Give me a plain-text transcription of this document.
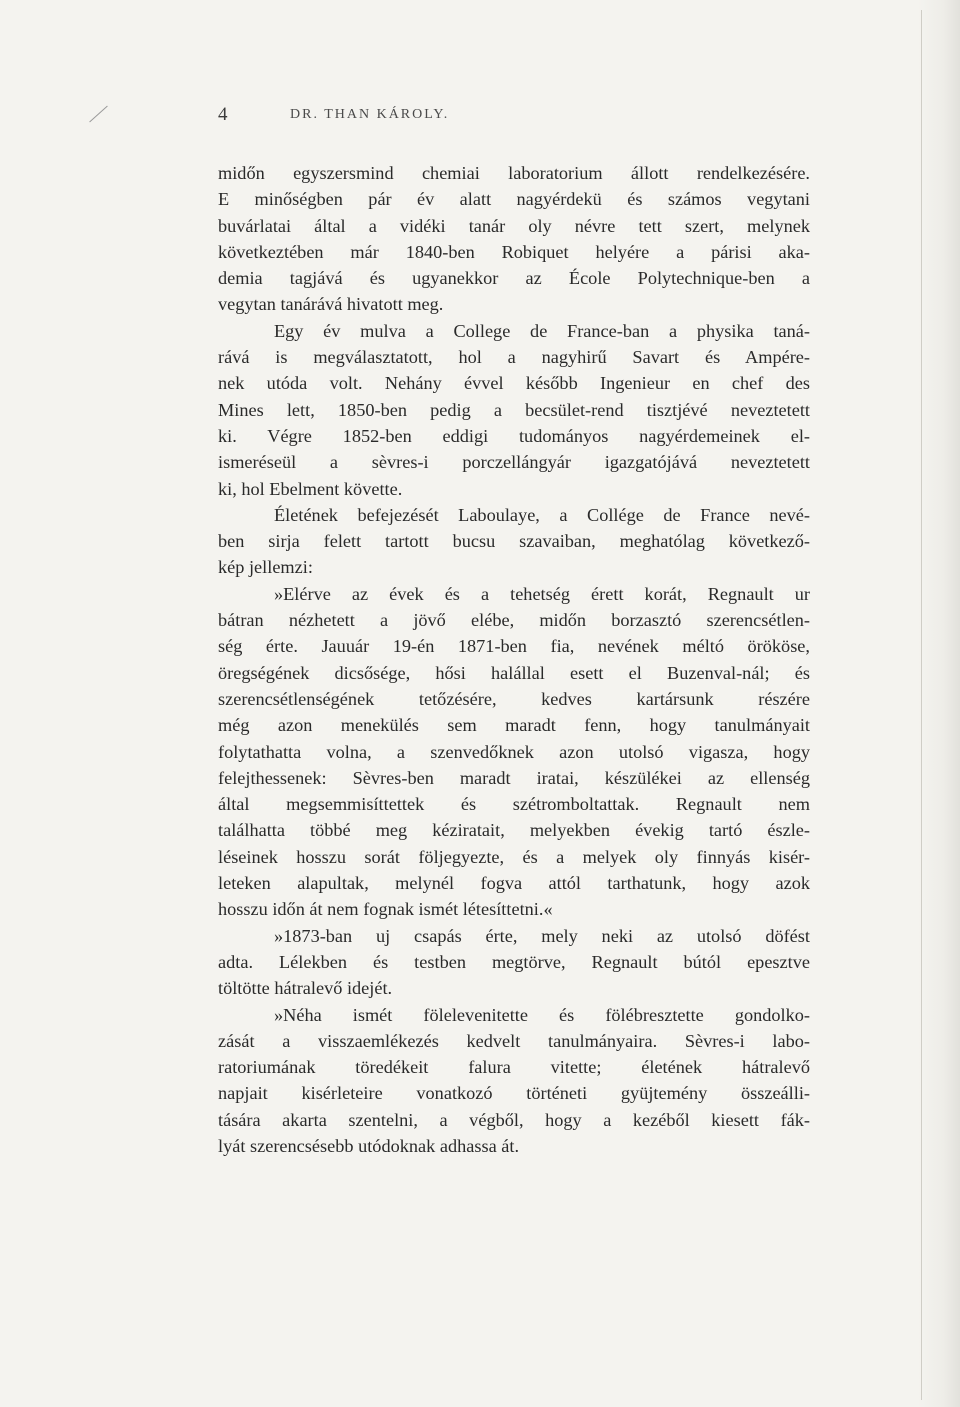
4	DR. THAN KÁROLY.
midőn egyszersmind chemiai laboratorium állott rendelkezésére.
E minőségben pár év alatt nagyérdekü és számos vegytani
buvárlatai által a vidéki tanár oly névre tett szert, melynek
következtében már 1840-ben Robiquet helyére a párisi aka-
demia tagjává és ugyanekkor az École Polytechnique-ben a
vegytan tanárává hivatott meg.
Egy év mulva a College de France-ban a physika taná-
rává is megválasztatott, hol a nagyhirű Savart és Ampére-
nek utóda volt. Nehány évvel később Ingenieur en chef des
Mines lett, 1850-ben pedig a becsület-rend tisztjévé neveztetett
ki. Végre 1852-ben eddigi tudományos nagyérdemeinek el-
ismeréseül a sèvres-i porczellángyár igazgatójává neveztetett
ki, hol Ebelment követte.
Életének befejezését Laboulaye, a Collége de France nevé-
ben sirja felett tartott bucsu szavaiban, meghatólag következő-
kép jellemzi:
»Elérve az évek és a tehetség érett korát, Regnault ur
bátran nézhetett a jövő elébe, midőn borzasztó szerencsétlen-
ség érte. Jauuár 19-én 1871-ben fia, nevének méltó örököse,
öregségének dicsősége, hősi halállal esett el Buzenval-nál; és
szerencsétlenségének tetőzésére, kedves kartársunk részére
még azon menekülés sem maradt fenn, hogy tanulmányait
folytathatta volna, a szenvedőknek azon utolsó vigasza, hogy
felejthessenek: Sèvres-ben maradt iratai, készülékei az ellenség
által megsemmisíttettek és szétromboltattak. Regnault nem
találhatta többé meg kéziratait, melyekben évekig tartó észle-
léseinek hosszu sorát följegyezte, és a melyek oly finnyás kisér-
leteken alapultak, melynél fogva attól tarthatunk, hogy azok
hosszu időn át nem fognak ismét létesíttetni.«
»1873-ban uj csapás érte, mely neki az utolsó döfést
adta. Lélekben és testben megtörve, Regnault bútól epesztve
töltötte hátralevő idejét.
»Néha ismét fölelevenitette és fölébresztette gondolko-
zását a visszaemlékezés kedvelt tanulmányaira. Sèvres-i labo-
ratoriumának töredékeit falura vitette; életének hátralevő
napjait kisérleteire vonatkozó történeti gyüjtemény összeálli-
tására akarta szentelni, a végből, hogy a kezéből kiesett fák-
lyát szerencsésebb utódoknak adhassa át.
